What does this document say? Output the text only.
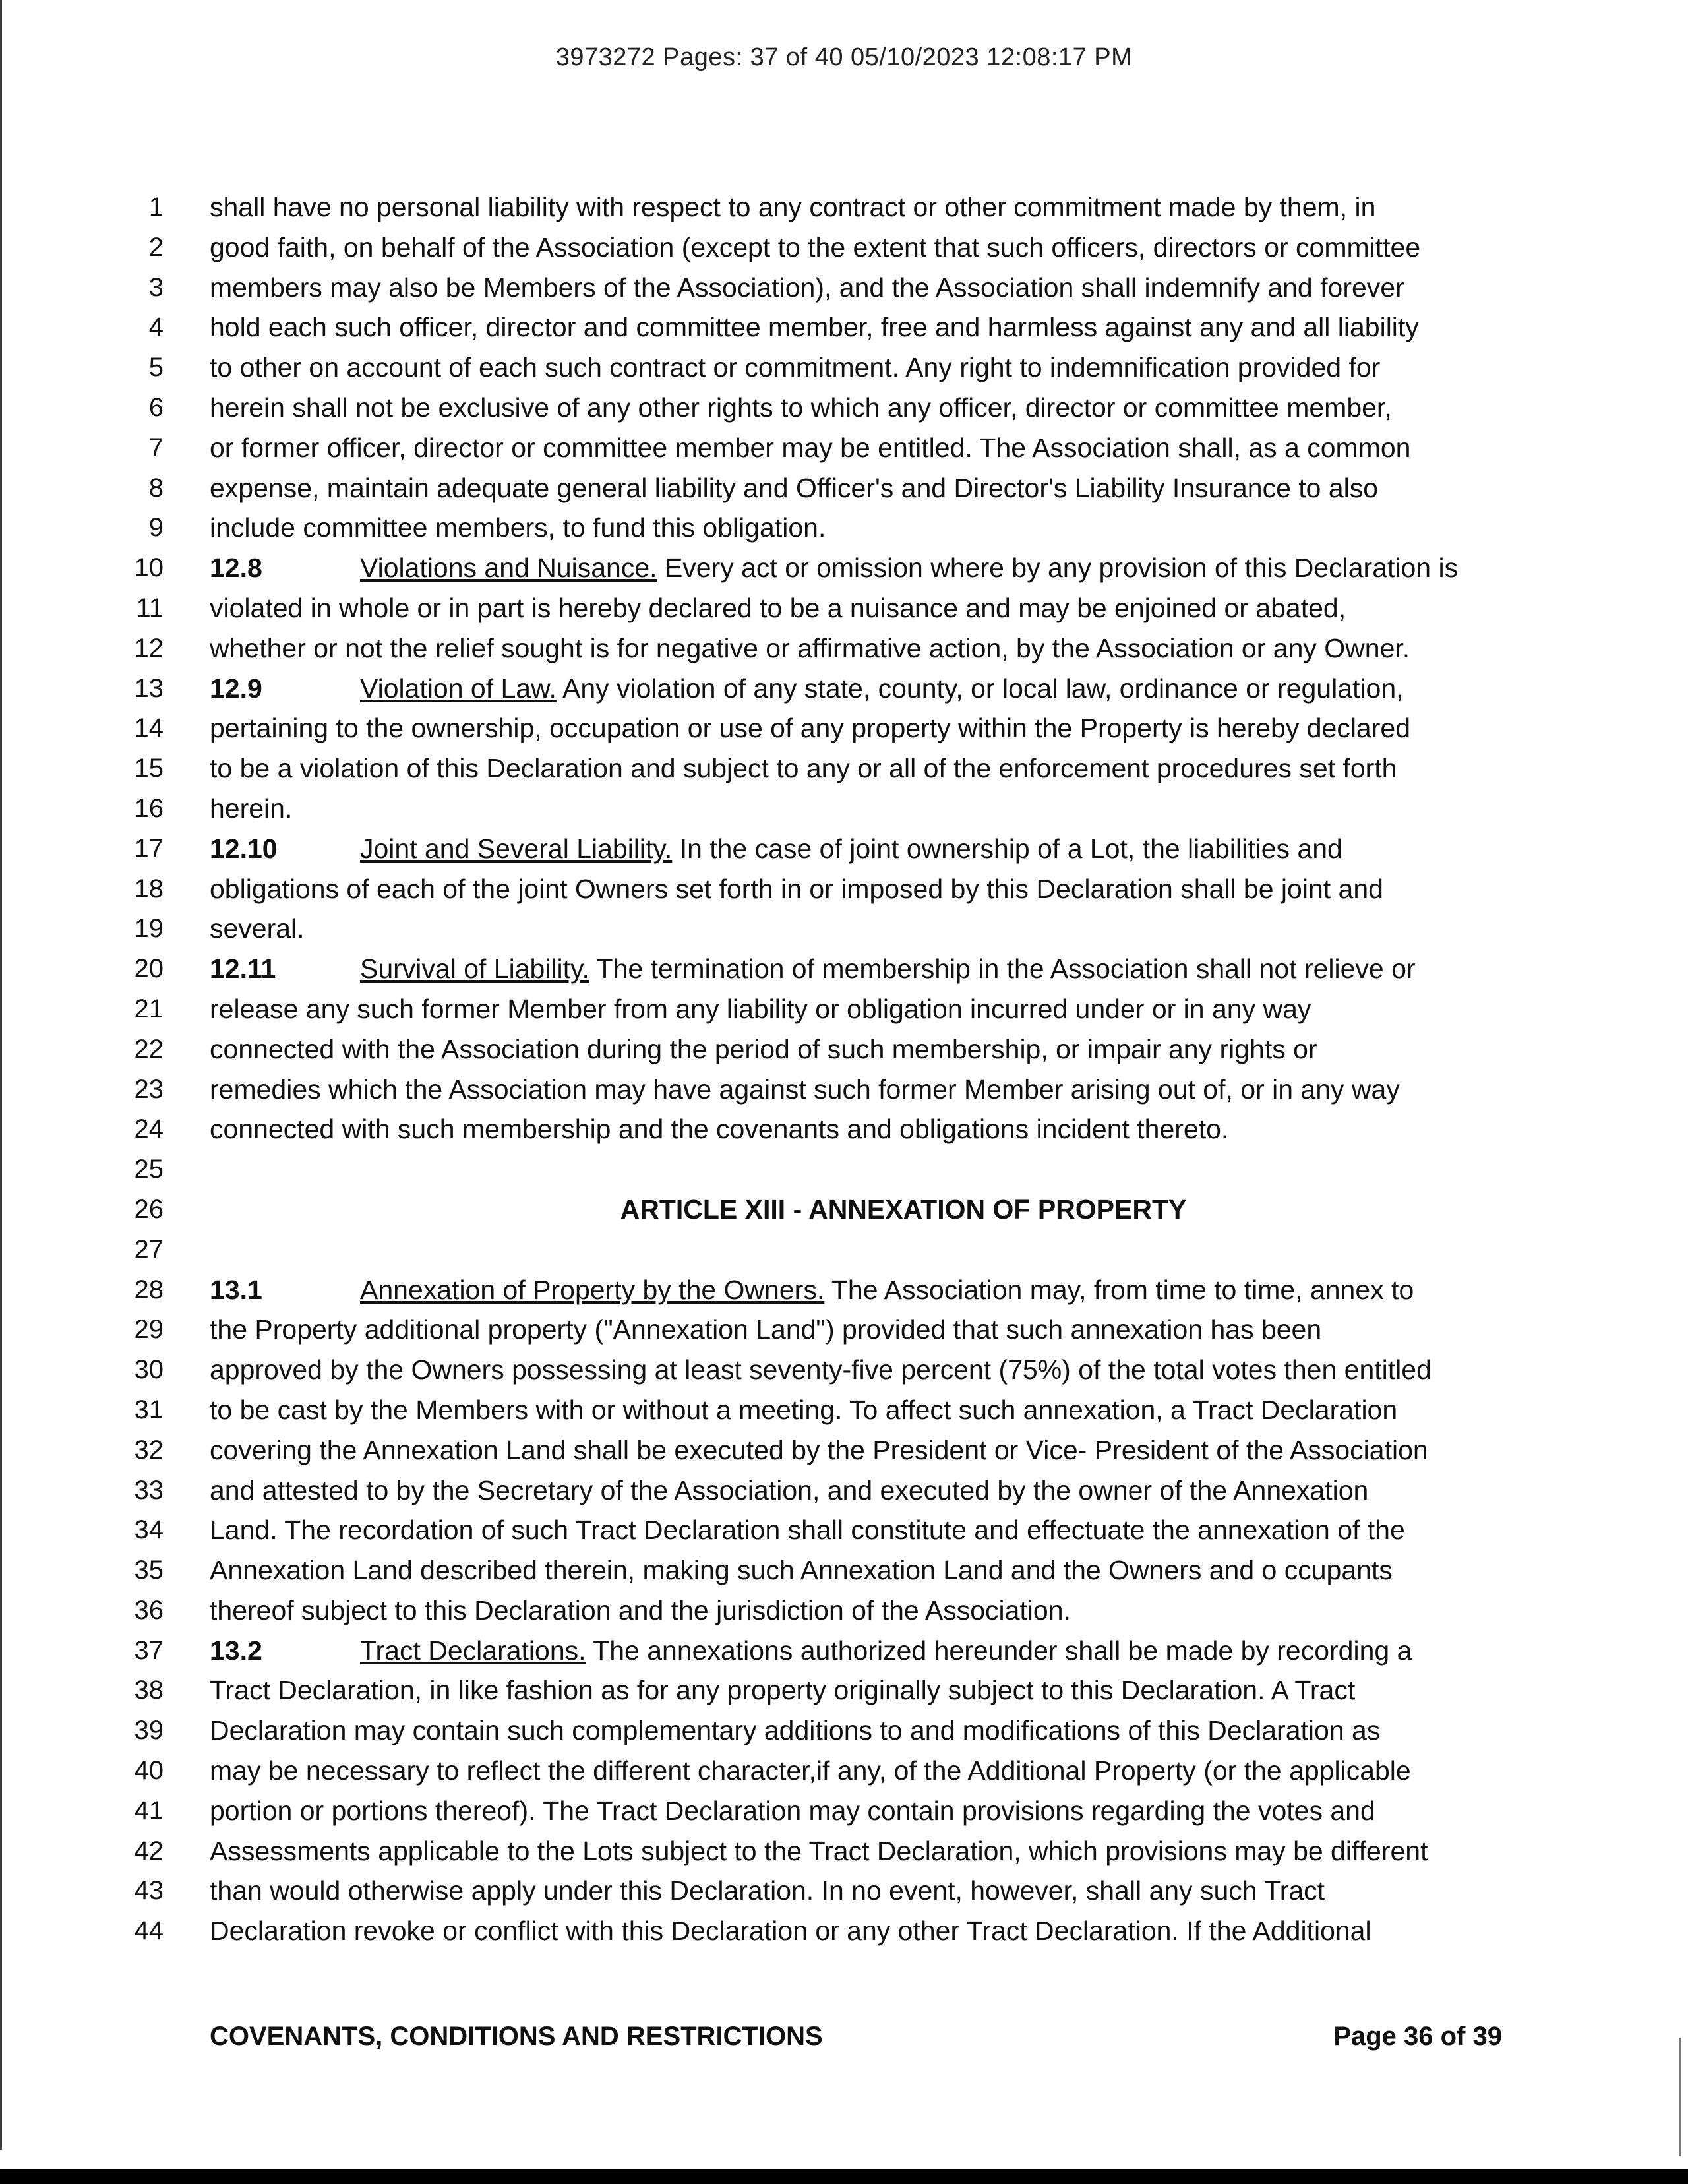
3973272 Pages: 37 of 40 05/10/2023 12:08:17 PM
1 shall have no personal liability with respect to any contract or other commitment made by them, in
2 good faith, on behalf of the Association (except to the extent that such officers, directors or committee
3 members may also be Members of the Association), and the Association shall indemnify and forever
4 hold each such officer, director and committee member, free and harmless against any and all liability
5 to other on account of each such contract or commitment. Any right to indemnification provided for
6 herein shall not be exclusive of any other rights to which any officer, director or committee member,
7 or former officer, director or committee member may be entitled. The Association shall, as a common
8 expense, maintain adequate general liability and Officer's and Director's Liability Insurance to also
9 include committee members, to fund this obligation.
10 12.8	Violations and Nuisance. Every act or omission where by any provision of this Declaration is
11 violated in whole or in part is hereby declared to be a nuisance and may be enjoined or abated,
12 whether or not the relief sought is for negative or affirmative action, by the Association or any Owner.
13 12.9	Violation of Law. Any violation of any state, county, or local law, ordinance or regulation,
14 pertaining to the ownership, occupation or use of any property within the Property is hereby declared
15 to be a violation of this Declaration and subject to any or all of the enforcement procedures set forth
16 herein.
17 12.10	Joint and Several Liability. In the case of joint ownership of a Lot, the liabilities and
18 obligations of each of the joint Owners set forth in or imposed by this Declaration shall be joint and
19 several.
20 12.11	Survival of Liability. The termination of membership in the Association shall not relieve or
21 release any such former Member from any liability or obligation incurred under or in any way
22 connected with the Association during the period of such membership, or impair any rights or
23 remedies which the Association may have against such former Member arising out of, or in any way
24 connected with such membership and the covenants and obligations incident thereto.
25
26	ARTICLE XIII - ANNEXATION OF PROPERTY
27
28 13.1	Annexation of Property by the Owners. The Association may, from time to time, annex to
29 the Property additional property ("Annexation Land") provided that such annexation has been
30 approved by the Owners possessing at least seventy-five percent (75%) of the total votes then entitled
31 to be cast by the Members with or without a meeting. To affect such annexation, a Tract Declaration
32 covering the Annexation Land shall be executed by the President or Vice- President of the Association
33 and attested to by the Secretary of the Association, and executed by the owner of the Annexation
34 Land. The recordation of such Tract Declaration shall constitute and effectuate the annexation of the
35 Annexation Land described therein, making such Annexation Land and the Owners and o ccupants
36 thereof subject to this Declaration and the jurisdiction of the Association.
37 13.2	Tract Declarations. The annexations authorized hereunder shall be made by recording a
38 Tract Declaration, in like fashion as for any property originally subject to this Declaration. A Tract
39 Declaration may contain such complementary additions to and modifications of this Declaration as
40 may be necessary to reflect the different character,if any, of the Additional Property (or the applicable
41 portion or portions thereof). The Tract Declaration may contain provisions regarding the votes and
42 Assessments applicable to the Lots subject to the Tract Declaration, which provisions may be different
43 than would otherwise apply under this Declaration. In no event, however, shall any such Tract
44 Declaration revoke or conflict with this Declaration or any other Tract Declaration. If the Additional
COVENANTS, CONDITIONS AND RESTRICTIONS	Page 36 of 39
